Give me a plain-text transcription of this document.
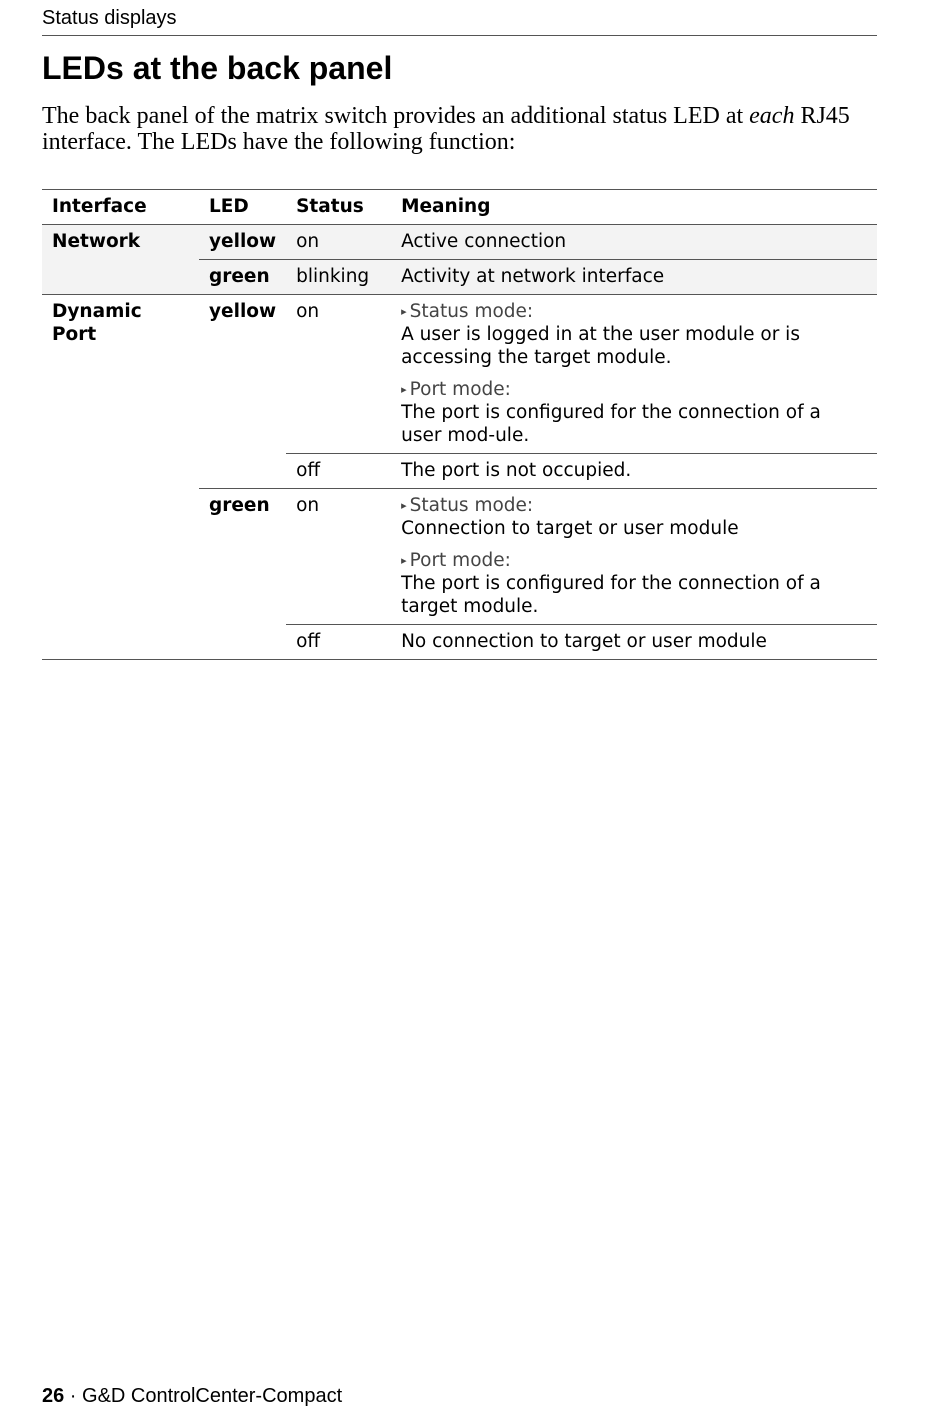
Status displays
LEDs at the back panel

The back panel of the matrix switch provides an additional status LED at each RJ45 interface. The LEDs have the following function:

Interface	LED	Status	Meaning
Network	yellow	on	Active connection
	green	blinking	Activity at network interface
Dynamic Port	yellow	on	▸ Status mode:
A user is logged in at the user module or is accessing the target module.
▸ Port mode:
The port is configured for the connection of a user mod-ule.

		off	The port is not occupied.
	green	on	▸ Status mode:
Connection to target or user module
▸ Port mode:
The port is configured for the connection of a target module.

		off	No connection to target or user module
26 · G&D ControlCenter-Compact
